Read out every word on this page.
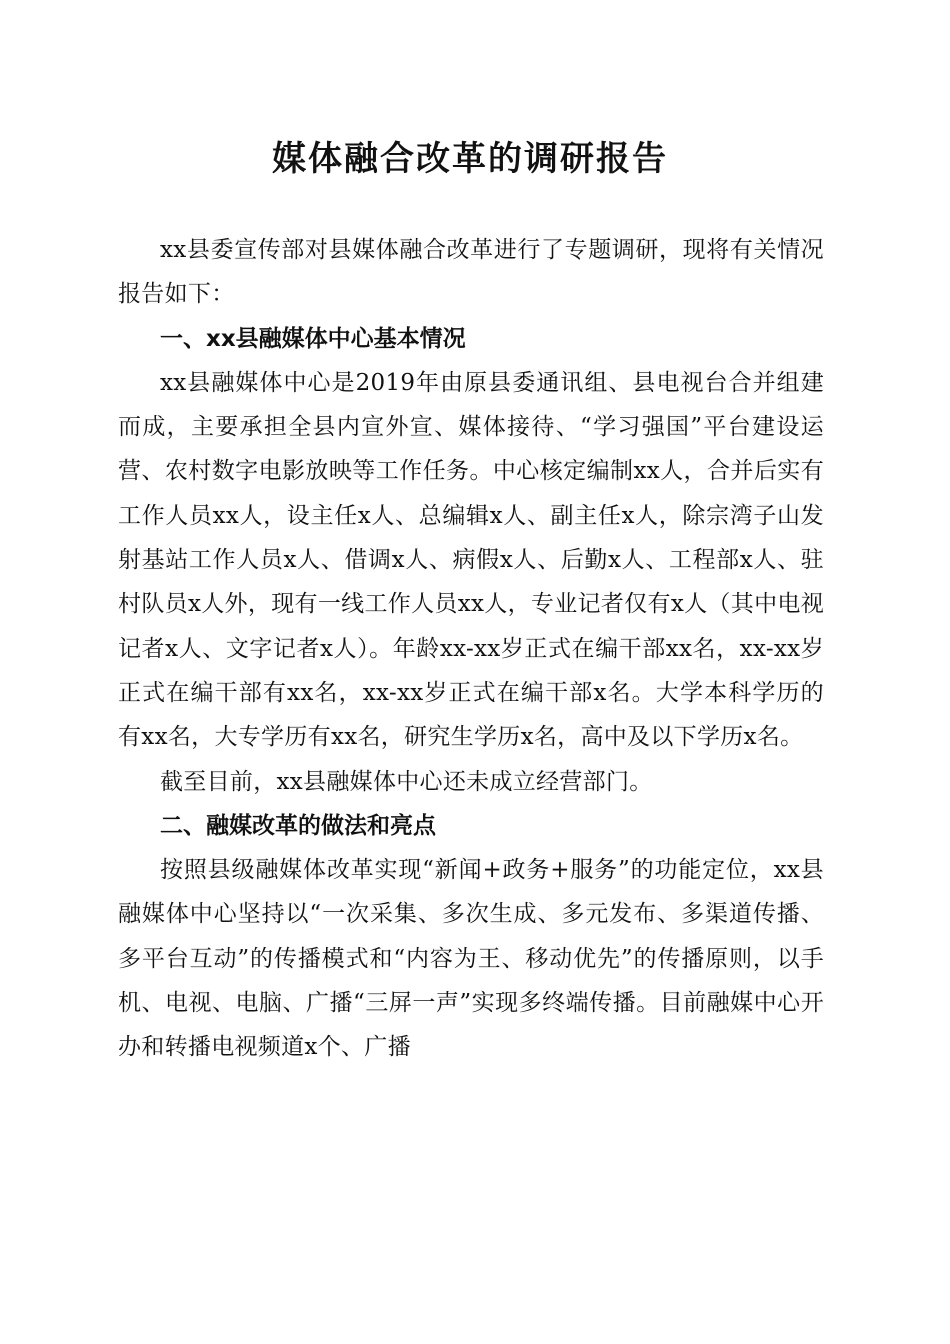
媒体融合改革的调研报告

xx县委宣传部对县媒体融合改革进行了专题调研，现将有关情况报告如下：

一、xx县融媒体中心基本情况

xx县融媒体中心是2019年由原县委通讯组、县电视台合并组建而成，主要承担全县内宣外宣、媒体接待、“学习强国”平台建设运营、农村数字电影放映等工作任务。中心核定编制xx人，合并后实有工作人员xx人，设主任x人、总编辑x人、副主任x人，除宗湾子山发射基站工作人员x人、借调x人、病假x人、后勤x人、工程部x人、驻村队员x人外，现有一线工作人员xx人，专业记者仅有x人（其中电视记者x人、文字记者x人）。年龄xx-xx岁正式在编干部xx名，xx-xx岁正式在编干部有xx名，xx-xx岁正式在编干部x名。大学本科学历的有xx名，大专学历有xx名，研究生学历x名，高中及以下学历x名。

截至目前，xx县融媒体中心还未成立经营部门。

二、融媒改革的做法和亮点

按照县级融媒体改革实现“新闻+政务+服务”的功能定位，xx县融媒体中心坚持以“一次采集、多次生成、多元发布、多渠道传播、多平台互动”的传播模式和“内容为王、移动优先”的传播原则，以手机、电视、电脑、广播“三屏一声”实现多终端传播。目前融媒中心开办和转播电视频道x个、广播
